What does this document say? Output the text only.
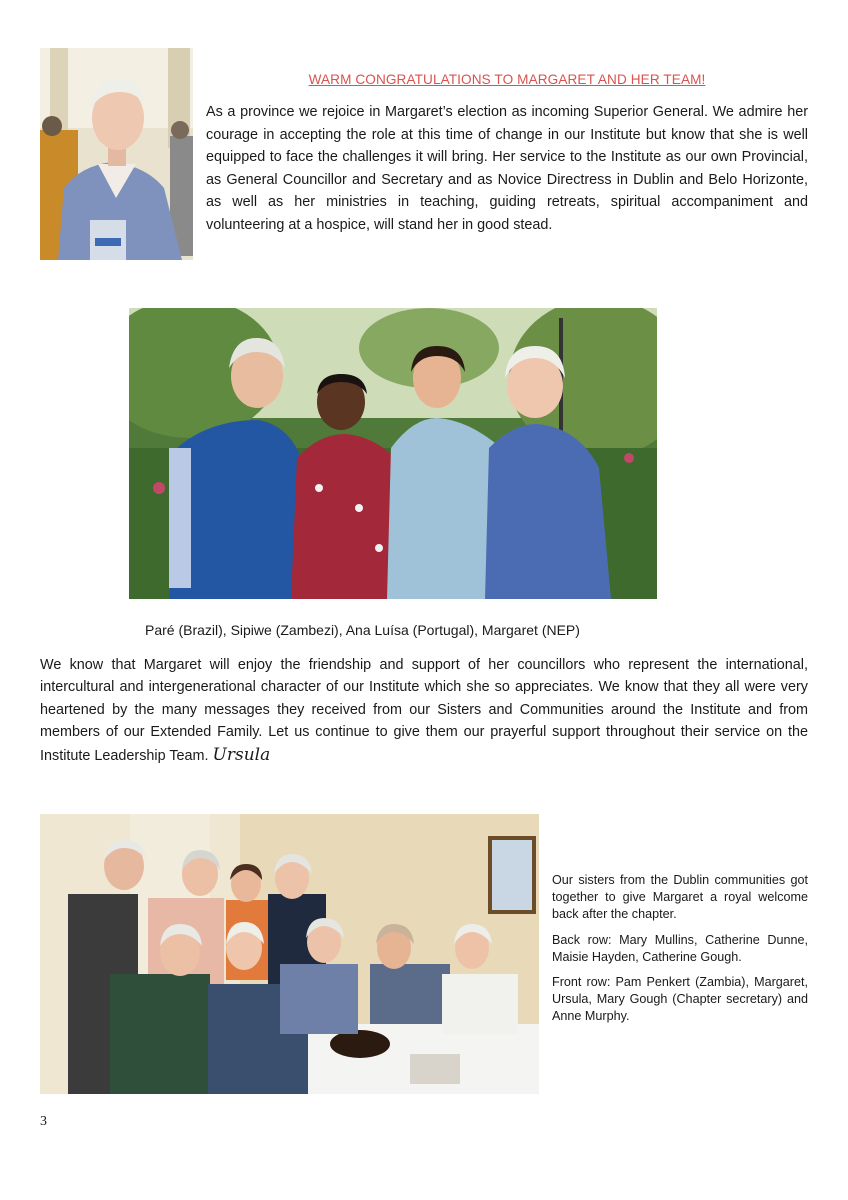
WARM CONGRATULATIONS TO MARGARET AND HER TEAM!

As a province we rejoice in Margaret’s election as incoming Superior General. We admire her courage in accepting the role at this time of change in our Institute but know that she is well equipped to face the challenges it will bring. Her service to the Institute as our own Provincial, as General Councillor and Secretary and as Novice Directress in Dublin and Belo Horizonte, as well as her ministries in teaching, guiding retreats, spiritual accompaniment and volunteering at a hospice, will stand her in good stead.

Paré (Brazil), Sipiwe (Zambezi), Ana Luísa (Portugal), Margaret (NEP)

We know that Margaret will enjoy the friendship and support of her councillors who represent the international, intercultural and intergenerational character of our Institute which she so appreciates. We know that they all were very heartened by the many messages they received from our Sisters and Communities around the Institute and from members of our Extended Family. Let us continue to give them our prayerful support throughout their service on the Institute Leadership Team. Ursula

Our sisters from the Dublin communities got together to give Margaret a royal welcome back after the chapter.

Back row: Mary Mullins, Catherine Dunne, Maisie Hayden, Catherine Gough.

Front row: Pam Penkert (Zambia), Margaret, Ursula, Mary Gough (Chapter secretary) and Anne Murphy.

3
